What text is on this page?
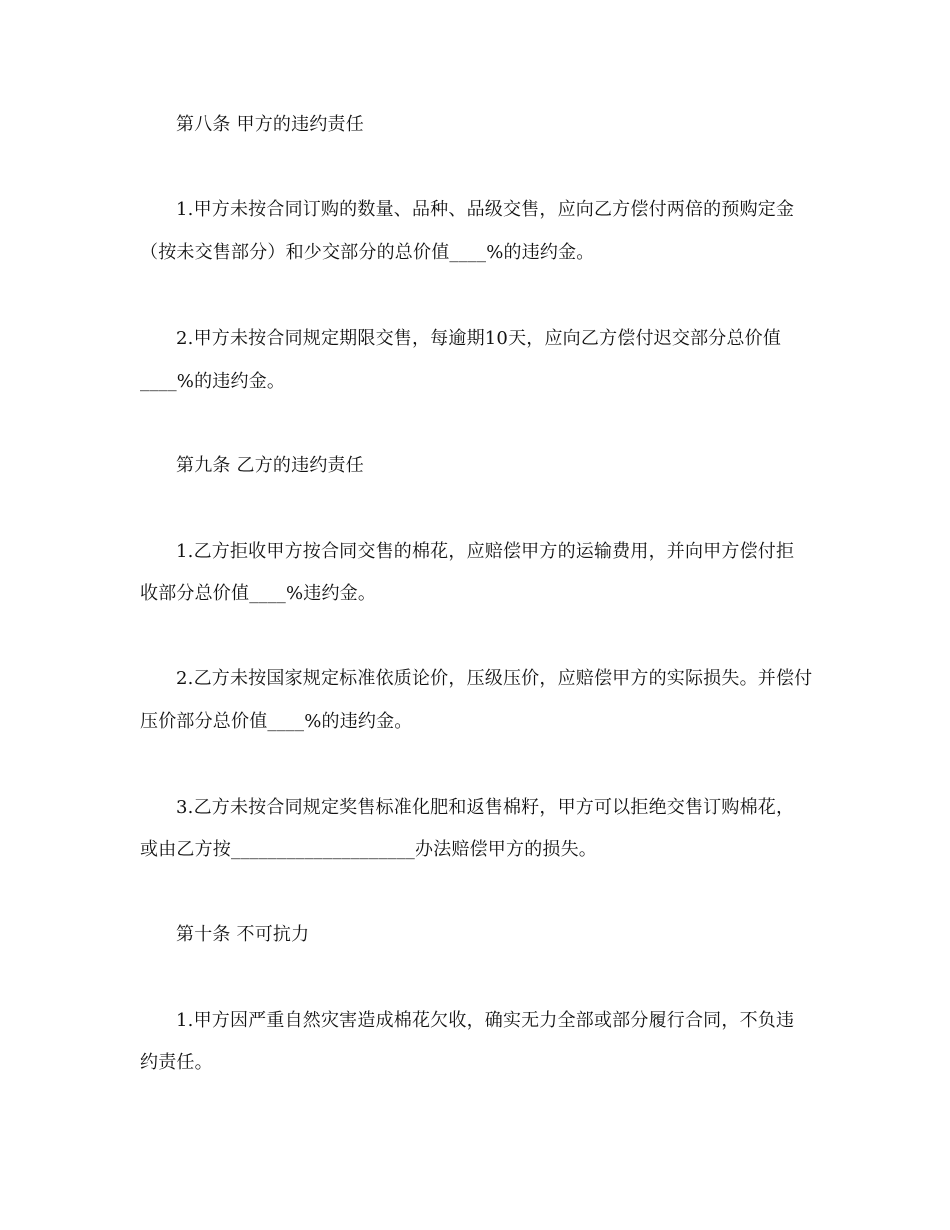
第八条 甲方的违约责任
1.甲方未按合同订购的数量、品种、品级交售，应向乙方偿付两倍的预购定金
（按未交售部分）和少交部分的总价值____%的违约金。
2.甲方未按合同规定期限交售，每逾期10天，应向乙方偿付迟交部分总价值
____%的违约金。
第九条 乙方的违约责任
1.乙方拒收甲方按合同交售的棉花，应赔偿甲方的运输费用，并向甲方偿付拒
收部分总价值____%违约金。
2.乙方未按国家规定标准依质论价，压级压价，应赔偿甲方的实际损失。并偿付
压价部分总价值____%的违约金。
3.乙方未按合同规定奖售标准化肥和返售棉籽，甲方可以拒绝交售订购棉花，
或由乙方按____________________办法赔偿甲方的损失。
第十条 不可抗力
1.甲方因严重自然灾害造成棉花欠收，确实无力全部或部分履行合同，不负违
约责任。
